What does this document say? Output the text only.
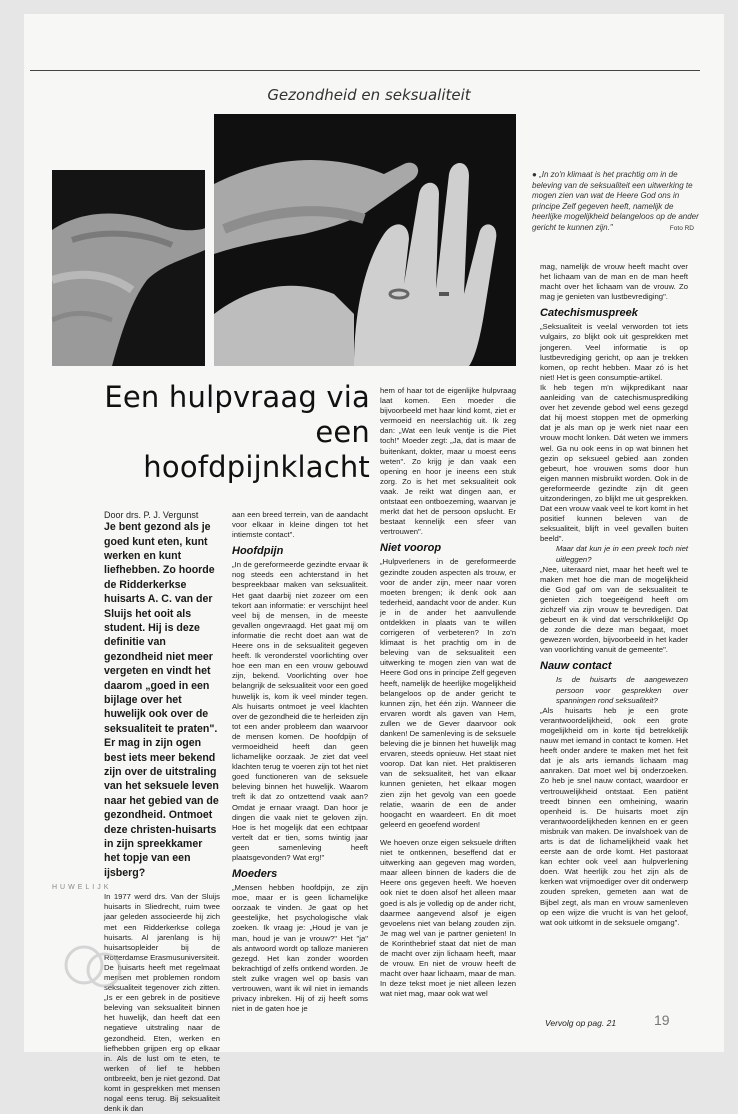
Gezondheid en seksualiteit
● „In zo'n klimaat is het prachtig om in de beleving van de seksualiteit een uitwerking te mogen zien van wat de Heere God ons in principe Zelf gegeven heeft, namelijk de heerlijke mogelijkheid belangeloos op de ander gericht te kunnen zijn."	Foto RD
Een hulpvraag via
een hoofdpijnklacht

Door drs. P. J. Vergunst

Je bent gezond als je goed kunt eten, kunt werken en kunt liefhebben. Zo hoorde de Ridderkerkse huisarts A. C. van der Sluijs het ooit als student. Hij is deze definitie van gezondheid niet meer vergeten en vindt het daarom „goed in een bijlage over het huwelijk ook over de seksualiteit te praten". Er mag in zijn ogen best iets meer bekend zijn over de uitstraling van het seksuele leven naar het gebied van de gezondheid. Ontmoet deze christen-huisarts in zijn spreekkamer het topje van een ijsberg?

In 1977 werd drs. Van der Sluijs huisarts in Sliedrecht, ruim twee jaar geleden associeerde hij zich met een Ridderkerkse collega huisarts. Al jarenlang is hij huisartsopleider bij de Rotterdamse Erasmusuniversiteit.

De huisarts heeft met regelmaat mensen met problemen rondom seksualiteit tegenover zich zitten. „Is er een gebrek in de positieve beleving van seksualiteit binnen het huwelijk, dan heeft dat een negatieve uitstraling naar de gezondheid. Eten, werken en liefhebben grijpen erg op elkaar in. Als de lust om te eten, te werken of lief te hebben ontbreekt, ben je niet gezond. Dat komt in gesprekken met mensen nogal eens terug. Bij seksualiteit denk ik dan

HUWELIJK

aan een breed terrein, van de aandacht voor elkaar in kleine dingen tot het intiemste contact".

Hoofdpijn

„In de gereformeerde gezindte ervaar ik nog steeds een achterstand in het bespreekbaar maken van seksualiteit. Het gaat daarbij niet zozeer om een tekort aan informatie: er verschijnt heel veel bij de mensen, in de meeste gevallen ongevraagd. Het gaat mij om informatie die recht doet aan wat de Heere ons in de seksualiteit gegeven heeft. Ik veronderstel voorlichting over hoe een man en een vrouw gebouwd zijn, bekend. Voorlichting over hoe belangrijk de seksualiteit voor een goed huwelijk is, kom ik veel minder tegen. Als huisarts ontmoet je veel klachten over de gezondheid die te herleiden zijn tot een ander probleem dan waarvoor de mensen komen. De hoofdpijn of vermoeidheid heeft dan geen lichamelijke oorzaak. Je ziet dat veel klachten terug te voeren zijn tot het niet goed functioneren van de seksuele beleving binnen het huwelijk. Waarom treft ik dat zo ontzettend vaak aan? Omdat je ernaar vraagt. Dan hoor je dingen die vaak niet te geloven zijn. Hoe is het mogelijk dat een echtpaar vertelt dat er tien, soms twintig jaar geen samenleving heeft plaatsgevonden? Wat erg!"

Moeders

„Mensen hebben hoofdpijn, ze zijn moe, maar er is geen lichamelijke oorzaak te vinden. Je gaat op het geestelijke, het psychologische vlak zoeken. Ik vraag je: „Houd je van je man, houd je van je vrouw?" Het "ja" als antwoord wordt op talloze manieren gezegd. Het kan zonder woorden bekrachtigd of zelfs ontkend worden. Je stelt zulke vragen wel op basis van vertrouwen, want ik wil niet in iemands privacy inbreken. Hij of zij heeft soms niet in de gaten hoe je

hem of haar tot de eigenlijke hulpvraag laat komen. Een moeder die bijvoorbeeld met haar kind komt, ziet er vermoeid en neerslachtig uit. Ik zeg dan: „Wat een leuk ventje is die Piet toch!" Moeder zegt: „Ja, dat is maar de buitenkant, dokter, maar u moest eens weten". Zo krijg je dan vaak een opening en hoor je ineens een stuk zorg. Zo is het met seksualiteit ook vaak. Je reikt wat dingen aan, er ontstaat een ontboezeming, waarvan je merkt dat het de persoon opslucht. Er bestaat kennelijk een sfeer van vertrouwen".

Niet voorop

„Hulpverleners in de gereformeerde gezindte zouden aspecten als trouw, er voor de ander zijn, meer naar voren moeten brengen; ik denk ook aan tederheid, aandacht voor de ander. Kun je in de ander het aanvullende ontdekken in plaats van te willen corrigeren of verbeteren? In zo'n klimaat is het prachtig om in de beleving van de seksualiteit een uitwerking te mogen zien van wat de Heere God ons in principe Zelf gegeven heeft, namelijk de heerlijke mogelijkheid belangeloos op de ander gericht te kunnen zijn, het één zijn. Wanneer die ervaren wordt als gaven van Hem, zullen we de Gever daarvoor ook danken! De samenleving is de seksuele beleving die je binnen het huwelijk mag ervaren, steeds opnieuw. Het staat niet voorop. Dat kan niet. Het praktiseren van de seksualiteit, het van elkaar kunnen genieten, het elkaar mogen zien zijn het gevolg van een goede relatie, waarin de een de ander hoogacht en waardeert. En dit moet geleerd en geoefend worden!

We hoeven onze eigen seksuele driften niet te ontkennen, beseffend dat er uitwerking aan gegeven mag worden, maar alleen binnen de kaders die de Heere ons gegeven heeft. We hoeven ook niet te doen alsof het alleen maar goed is als je volledig op de ander richt, daarmee aangevend alsof je eigen gevoelens niet van belang zouden zijn. Je mag wel van je partner genieten! In de Korinthebrief staat dat niet de man de macht over zijn lichaam heeft, maar de vrouw. En niet de vrouw heeft de macht over haar lichaam, maar de man. In deze tekst moet je niet alleen lezen wat niet mag, maar ook wat wel

mag, namelijk de vrouw heeft macht over het lichaam van de man en de man heeft macht over het lichaam van de vrouw. Zo mag je genieten van lustbevrediging".

Catechismuspreek

„Seksualiteit is veelal verworden tot iets vulgairs, zo blijkt ook uit gesprekken met jongeren. Veel informatie is op lustbevrediging gericht, op aan je trekken komen, op recht hebben. Maar zó is het niet! Het is geen consumptie-artikel.

Ik heb tegen m'n wijkpredikant naar aanleiding van de catechismusprediking over het zevende gebod wel eens gezegd dat hij moest stoppen met de opmerking dat je als man op je werk niet naar een vrouw mocht lonken. Dát weten we immers wel. Ga nu ook eens in op wat binnen het gezin op seksueel gebied aan zonden gebeurt, hoe vrouwen soms door hun eigen mannen misbruikt worden. Ook in de gereformeerde gezindte zijn dit geen uitzonderingen, zo blijkt me uit gesprekken. Dat een vrouw vaak veel te kort komt in het positief kunnen beleven van de seksualiteit, blijft in veel gevallen buiten beeld".

Maar dat kun je in een preek toch niet uitleggen?

„Nee, uiteraard niet, maar het heeft wel te maken met hoe die man de mogelijkheid die God gaf om van de seksualiteit te genieten zich toegeëigend heeft om zichzelf via zijn vrouw te bevredigen. Dat gebeurt en ik vind dat verschrikkelijk! Op de zonde die deze man begaat, moet gewezen worden, bijvoorbeeld in het kader van voorlichting vanuit de gemeente".

Nauw contact

Is de huisarts de aangewezen persoon voor gesprekken over spanningen rond seksualiteit?

„Als huisarts heb je een grote verantwoordelijkheid, ook een grote mogelijkheid om in korte tijd betrekkelijk nauw met iemand in contact te komen. Het heeft onder andere te maken met het feit dat je als arts iemands lichaam mag aanraken. Dat moet wel bij onderzoeken. Zo heb je snel nauw contact, waardoor er vertrouwelijkheid ontstaat. Een patiënt treedt binnen een omheining, waarin openheid is. De huisarts moet zijn verantwoordelijkheden kennen en er geen misbruik van maken. De invalshoek van de arts is dat de lichamelijkheid vaak het eerste aan de orde komt. Het pastoraat kan echter ook veel aan hulpverlening doen. Wat heerlijk zou het zijn als de kerken wat vrijmoediger over dit onderwerp zouden spreken, gemeten aan wat de Bijbel zegt, als man en vrouw samenleven op een wijze die vrucht is van het geloof, wat ook uitkomt in de seksuele omgang".

Vervolg op pag. 21	19
